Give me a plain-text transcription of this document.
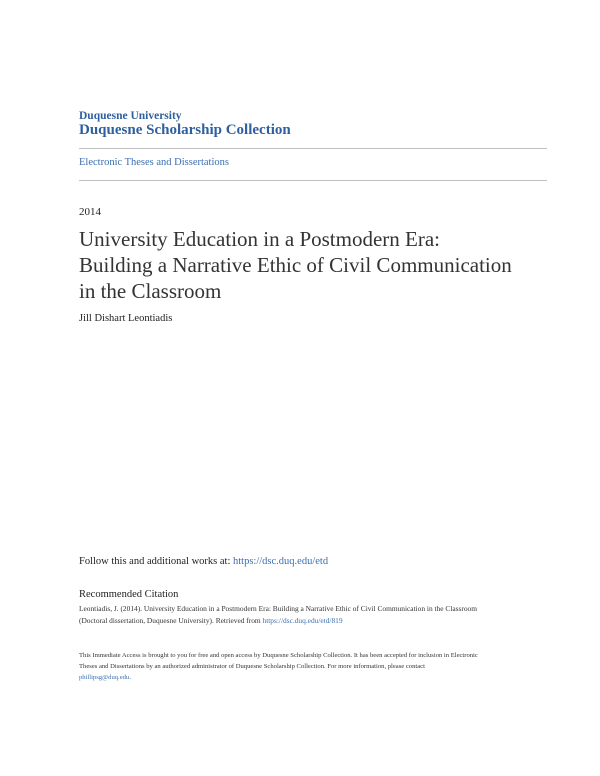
Duquesne University
Duquesne Scholarship Collection
Electronic Theses and Dissertations
2014
University Education in a Postmodern Era:
Building a Narrative Ethic of Civil Communication
in the Classroom
Jill Dishart Leontiadis
Follow this and additional works at: https://dsc.duq.edu/etd
Recommended Citation
Leontiadis, J. (2014). University Education in a Postmodern Era: Building a Narrative Ethic of Civil Communication in the Classroom
(Doctoral dissertation, Duquesne University). Retrieved from https://dsc.duq.edu/etd/819
This Immediate Access is brought to you for free and open access by Duquesne Scholarship Collection. It has been accepted for inclusion in Electronic
Theses and Dissertations by an authorized administrator of Duquesne Scholarship Collection. For more information, please contact
phillipsg@duq.edu.
